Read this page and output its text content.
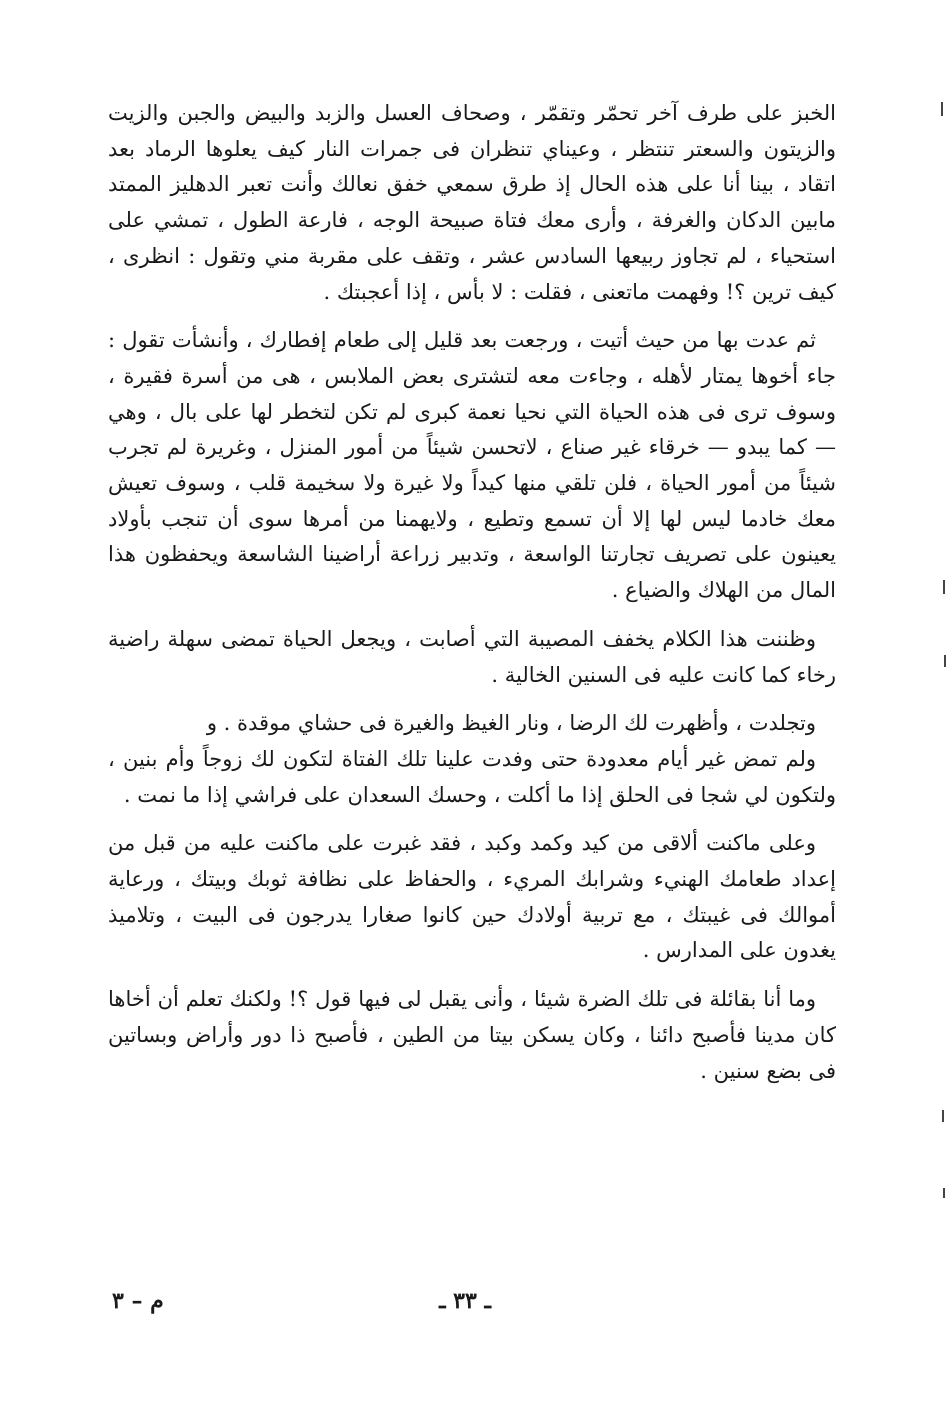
الخبز على طرف آخر تحمّر وتقمّر ، وصحاف العسل والزبد والبيض والجبن والزيت والزيتون والسعتر تنتظر ، وعيناي تنظران فى جمرات النار كيف يعلوها الرماد بعد اتقاد ، بينا أنا على هذه الحال إذ طرق سمعي خفق نعالك وأنت تعبر الدهليز الممتد مابين الدكان والغرفة ، وأرى معك فتاة صبيحة الوجه ، فارعة الطول ، تمشي على استحياء ، لم تجاوز ربيعها السادس عشر ، وتقف على مقربة مني وتقول : انظرى ، كيف ترين ؟! وفهمت ماتعنى ، فقلت : لا بأس ، إذا أعجبتك .

ثم عدت بها من حيث أتيت ، ورجعت بعد قليل إلى طعام إفطارك ، وأنشأت تقول : جاء أخوها يمتار لأهله ، وجاءت معه لتشترى بعض الملابس ، هى من أسرة فقيرة ، وسوف ترى فى هذه الحياة التي نحيا نعمة كبرى لم تكن لتخطر لها على بال ، وهي — كما يبدو — خرقاء غير صناع ، لاتحسن شيئاً من أمور المنزل ، وغريرة لم تجرب شيئاً من أمور الحياة ، فلن تلقي منها كيداً ولا غيرة ولا سخيمة قلب ، وسوف تعيش معك خادما ليس لها إلا أن تسمع وتطيع ، ولايهمنا من أمرها سوى أن تنجب بأولاد يعينون على تصريف تجارتنا الواسعة ، وتدبير زراعة أراضينا الشاسعة ويحفظون هذا المال من الهلاك والضياع .

وظننت هذا الكلام يخفف المصيبة التي أصابت ، ويجعل الحياة تمضى سهلة راضية رخاء كما كانت عليه فى السنين الخالية .

وتجلدت ، وأظهرت لك الرضا ، ونار الغيظ والغيرة فى حشاي موقدة . و

ولم تمض غير أيام معدودة حتى وفدت علينا تلك الفتاة لتكون لك زوجاً وأم بنين ، ولتكون لي شجا فى الحلق إذا ما أكلت ، وحسك السعدان على فراشي إذا ما نمت .

وعلى ماكنت ألاقى من كيد وكمد وكبد ، فقد غبرت على ماكنت عليه من قبل من إعداد طعامك الهنيء وشرابك المريء ، والحفاظ على نظافة ثوبك وبيتك ، ورعاية أموالك فى غيبتك ، مع تربية أولادك حين كانوا صغارا يدرجون فى البيت ، وتلاميذ يغدون على المدارس .

وما أنا بقائلة فى تلك الضرة شيئا ، وأنى يقبل لى فيها قول ؟! ولكنك تعلم أن أخاها كان مدينا فأصبح دائنا ، وكان يسكن بيتا من الطين ، فأصبح ذا دور وأراض وبساتين فى بضع سنين .

ـ ٣٣ ـ
م – ٣
